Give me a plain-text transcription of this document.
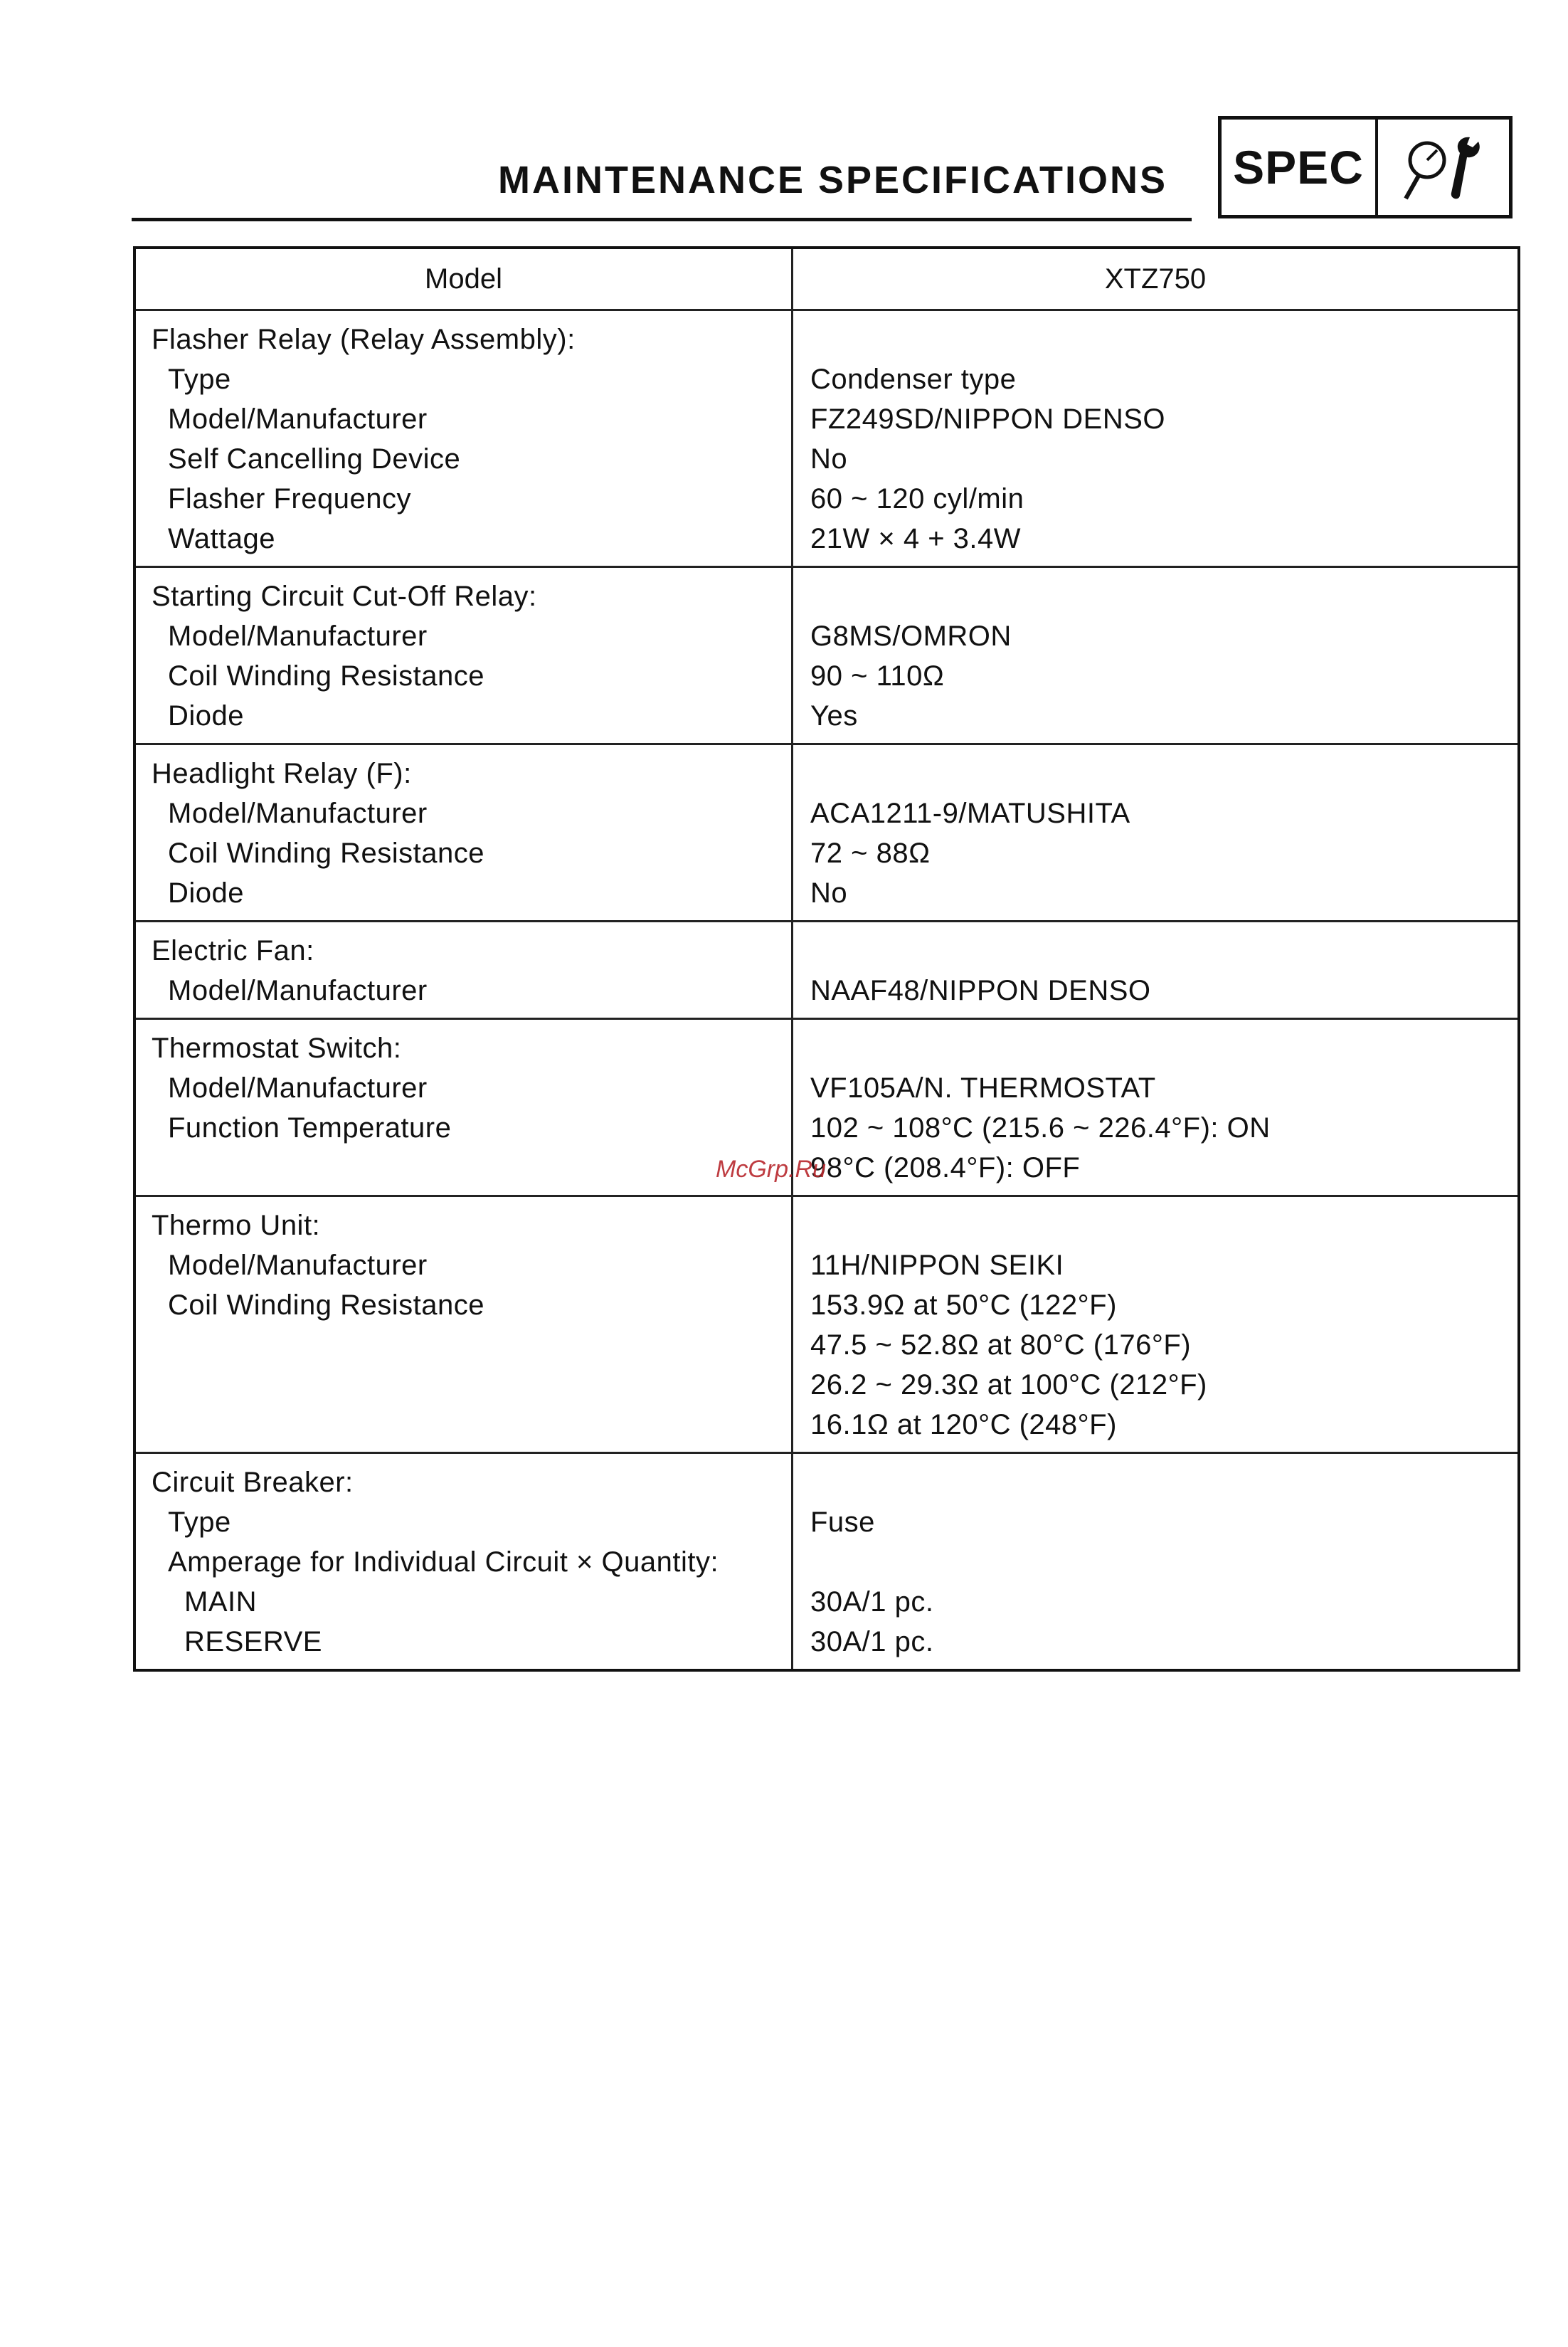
MAINTENANCE SPECIFICATIONS SPEC
Model	XTZ750
Flasher Relay (Relay Assembly):
Type
Model/Manufacturer
Self Cancelling Device
Flasher Frequency
Wattage
Condenser type
FZ249SD/NIPPON DENSO
No
60 ~ 120 cyl/min
21W × 4 + 3.4W
Starting Circuit Cut-Off Relay:
Model/Manufacturer
Coil Winding Resistance
Diode
G8MS/OMRON
90 ~ 110Ω
Yes
Headlight Relay (F):
Model/Manufacturer
Coil Winding Resistance
Diode
ACA1211-9/MATUSHITA
72 ~ 88Ω
No
Electric Fan:
Model/Manufacturer	NAAF48/NIPPON DENSO
Thermostat Switch:
Model/Manufacturer
Function Temperature
VF105A/N. THERMOSTAT
102 ~ 108°C (215.6 ~ 226.4°F): ON
98°C (208.4°F): OFF
Thermo Unit:
Model/Manufacturer
Coil Winding Resistance
11H/NIPPON SEIKI
153.9Ω at 50°C (122°F)
47.5 ~ 52.8Ω at 80°C (176°F)
26.2 ~ 29.3Ω at 100°C (212°F)
16.1Ω at 120°C (248°F)
Circuit Breaker:
Type
Amperage for Individual Circuit × Quantity:
MAIN
RESERVE
Fuse
30A/1 pc.
30A/1 pc.
McGrp.Ru
